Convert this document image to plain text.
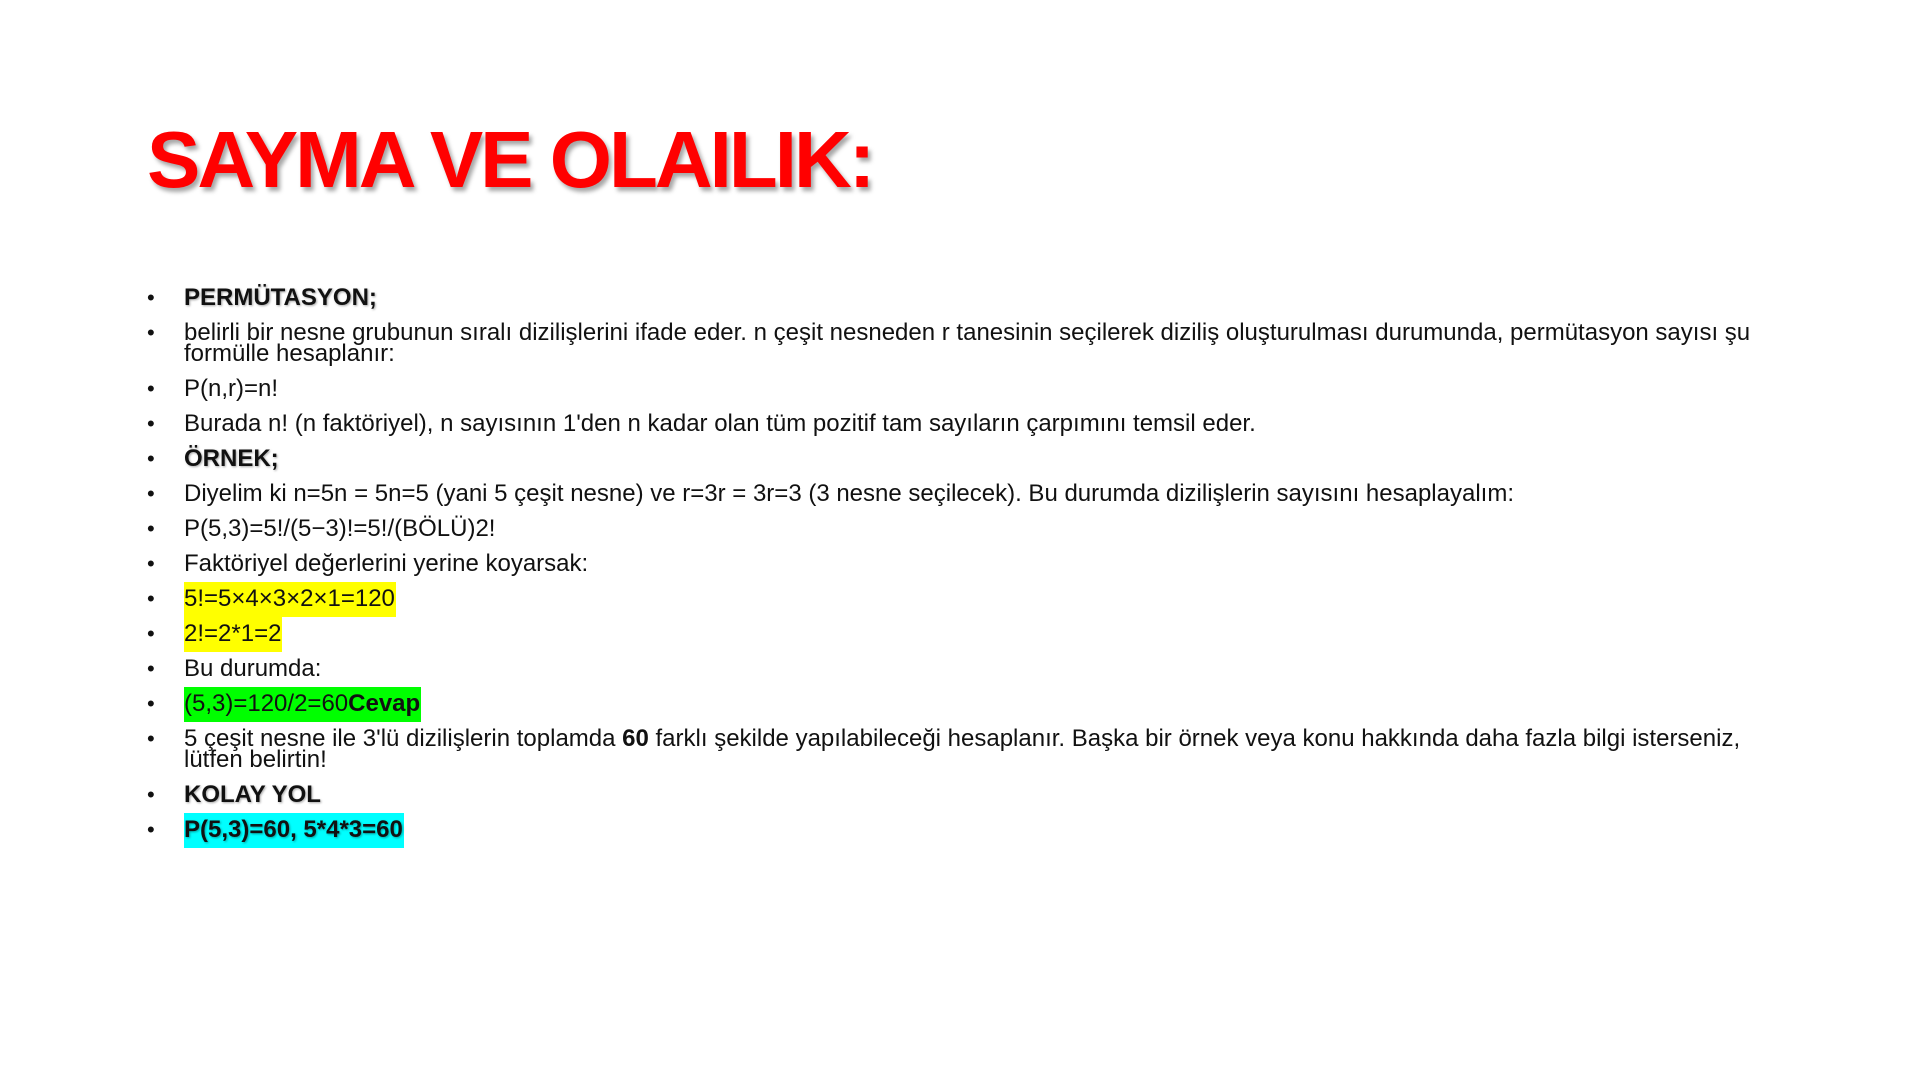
SAYMA VE OLAILIK:
•	PERMÜTASYON;
•	belirli bir nesne grubunun sıralı dizilişlerini ifade eder. n çeşit nesneden r tanesinin seçilerek diziliş oluşturulması durumunda, permütasyon sayısı şu formülle hesaplanır:
•	P(n,r)=n!
•	Burada n! (n faktöriyel), n sayısının 1'den n kadar olan tüm pozitif tam sayıların çarpımını temsil eder.
•	ÖRNEK;
•	Diyelim ki n=5n = 5n=5 (yani 5 çeşit nesne) ve r=3r = 3r=3 (3 nesne seçilecek). Bu durumda dizilişlerin sayısını hesaplayalım:
•	P(5,3)=5!/(5−3)!=5!/(BÖLÜ)2!
•	Faktöriyel değerlerini yerine koyarsak:
•	5!=5×4×3×2×1=120
•	2!=2*1=2
•	Bu durumda:
•	(5,3)=120/2=60Cevap
•	5 çeşit nesne ile 3'lü dizilişlerin toplamda 60 farklı şekilde yapılabileceği hesaplanır. Başka bir örnek veya konu hakkında daha fazla bilgi isterseniz, lütfen belirtin!
•	KOLAY YOL
•	P(5,3)=60, 5*4*3=60
